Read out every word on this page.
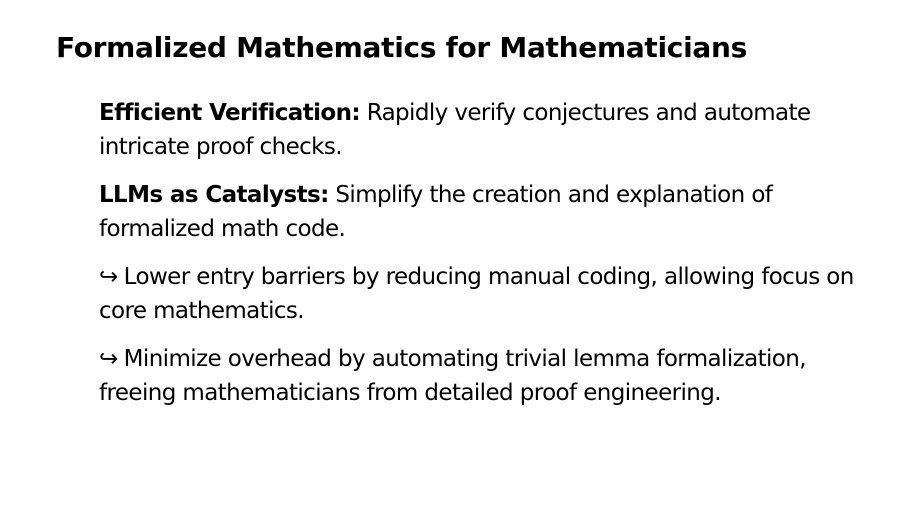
Formalized Mathematics for Mathematicians

Efficient Verification: Rapidly verify conjectures and automate intricate proof checks.

LLMs as Catalysts: Simplify the creation and explanation of formalized math code.

↪ Lower entry barriers by reducing manual coding, allowing focus on core mathematics.

↪ Minimize overhead by automating trivial lemma formalization, freeing mathematicians from detailed proof engineering.
